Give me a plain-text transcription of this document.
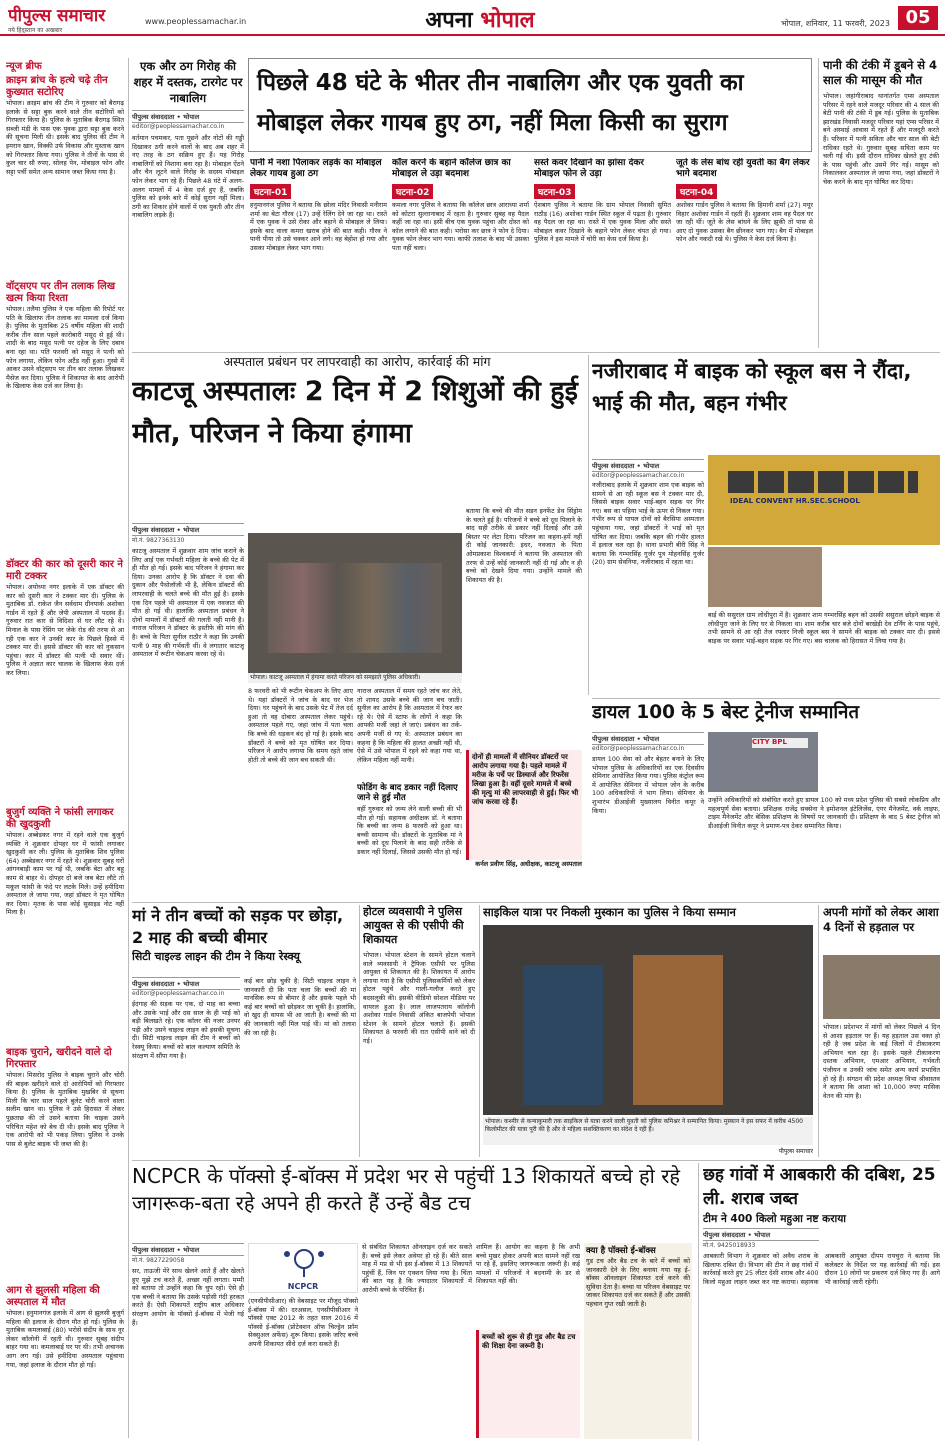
पीपुल्स समाचार
नये हिंदुस्तान का अखबार
www.peoplessamachar.in	अपना भोपाल	भोपाल, शनिवार, 11 फरवरी, 2023 05
न्यूज ब्रीफ
क्राइम ब्रांच के हत्थे चढ़े तीन कुख्यात सटोरिए
भोपाल। क्राइम ब्रांच की टीम ने गुरुवार को बैरागढ़ इलाके से सट्टा बुक करने वाले तीन सटोरियों को गिरफ्तार किया है। पुलिस के मुताबिक बैरागढ़ स्थित सब्जी मंडी के पास एक युवक द्वारा सट्टा बुक करने की सूचना मिली थी। इसके बाद पुलिस की टीम ने इमरान खान, विक्की उर्फ विकास और मुस्ताक खान को गिरफ्तार किया गया। पुलिस ने तीनों के पास से कुल चार सौ रुपए, सोलह पेन, मोबाइल फोन और सट्टा पर्ची समेत अन्य सामान जब्त किया गया है।
वॉट्सएप पर तीन तलाक लिख खत्म किया रिश्ता
भोपाल। तलैया पुलिस ने एक महिला की रिपोर्ट पर पति के खिलाफ तीन तलाक का मामला दर्ज किया है। पुलिस के मुताबिक 25 वर्षीय महिला की शादी करीब तीन साल पहले कारोबारी मसूद से हुई थी। शादी के बाद मसूद पत्नी पर दहेज के लिए दबाव बना रहा था। पति फरवरी को मसूद ने पत्नी को फोन लगाया, लेकिन फोन अटैंड नहीं हुआ। गुस्से में आकर उसने वॉट्सएप पर तीन बार तलाक लिखकर मैसेज कर दिया। पुलिस ने शिकायत के बाद आरोपी के खिलाफ केस दर्ज कर लिया है।
डॉक्टर की कार को दूसरी कार ने मारी टक्कर
भोपाल। अयोध्या नगर इलाके में एक डॉक्टर की कार को दूसरी कार ने टक्कर मार दी। पुलिस के मुताबिक डॉ. राकेश जैन सर्वधाम ग्रीनपार्क अशोका गार्डन में रहते हैं और जेपी अस्पताल में पदस्थ हैं। गुरुवार रात कार से विदिशा से घर लौट रहे थे। मिनाल के पास रेसिंग पर जेके रोड की तरफ से आ रही एक कार ने उनकी कार के पिछले हिस्से में टक्कर मार दी। इससे डॉक्टर की कार को नुकसान पहुंचा। कार में डॉक्टर की पत्नी भी सवार थीं। पुलिस ने अज्ञात कार चालक के खिलाफ केस दर्ज कर लिया।
बुजुर्ग व्यक्ति ने फांसी लगाकर की खुदकुशी
भोपाल। अब्बेडकर नगर में रहने वाले एक बुजुर्ग व्यक्ति ने शुक्रवार दोपहर घर में फांसी लगाकर खुदकुशी कर ली। पुलिस के मुताबिक शिव पुलिस (64) अब्बेडकर नगर में रहते थे। शुक्रवार सुबह घरों आंगनबाड़ी काम पर गई थी, जबकि बेटा और बहू काम से बाहर थे। दोपहर दो बजे जब बेटा लौटे तो मकूल फांसी के फंदे पर लटके मिले। उन्हें हमीदिया अस्पताल ले जाया गया, जहां डॉक्टर ने मृत घोषित कर दिया। मृतक के पास कोई सुसाइड नोट नहीं मिला है।
बाइक चुराने, खरीदने वाले दो गिरफ्तार
भोपाल। मिसरोद पुलिस ने बाइक चुराने और चोरी की बाइक खरीदने वाले दो आरोपियों को गिरफ्तार किया है। पुलिस के मुताबिक मुखबिर से सूचना मिली कि चार साल पहले बुलेट चोरी करने वाला सलीम खान था। पुलिस ने उसे हिरासत में लेकर पूछताछ की तो उसने बताया कि चाइक उसने परिचित महेश को बेच दी थी। इसके बाद पुलिस ने एक आरोपी को भी पकड़ लिया। पुलिस ने उनके पास से बुलेट बाइक भी जब्त की है।
आग से झुलसी महिला की अस्पताल में मौत
भोपाल। हनुमानगंज इलाके में आग से झुलसी बुजुर्ग महिला की इलाज के दौरान मौत हो गई। पुलिस के मुताबिक कमलाबाई (80) भरोसे संदीप के साथ नूर लेकर कॉलोनी में रहती थी। गुरुवार सुबह संदीप बाहर गया था। कमलाबाई घर पर थी। तभी अचानक आग लग गई। उसे हमीदिया अस्पताल पहुंचाया गया, जहां इलाज के दौरान मौत हो गई।
एक और ठग गिरोह की शहर में दस्तक, टारगेट पर नाबालिग
पीपुल्स संवाददाता • भोपाल
editor@peoplessamachar.co.in
वर्तमान पचमकर, पता पूछने और नोटों की गड्डी दिखाकर ठगी करने वालों के बाद अब शहर में नए तरह के ठग सक्रिय हुए हैं। यह गिरोह नाबालिगों को निशाना बना रहा है। मोबाइल ऐंठने और चैन लूटने वाले गिरोह के सदस्य मोबाइल फोन लेकर भाग रहे हैं। पिछले 48 घंटे में अलग-अलग मामलों में 4 केस दर्ज हुए हैं, जबकि पुलिस को इनके बारे में कोई सुराग नहीं मिला। ठगी का शिकार होने वालों में एक युवती और तीन नाबालिग लड़के हैं।
पिछले 48 घंटे के भीतर तीन नाबालिग और एक युवती का मोबाइल लेकर गायब हुए ठग, नहीं मिला किसी का सुराग
पानी में नशा पिलाकर लड़के का मोबाइल लेकर गायब हुआ ठग
घटना-01
हनुमानगंज पुलिस ने बताया कि छोला मंदिर निवासी मनीराम शर्मा का बेटा गौरव (17) उन्हें रेलिंग देने जा रहा था। रास्ते में एक युवक ने उसे रोका और बहाने से मोबाइल ले लिया। इसके बाद वाला कमरा खराब होने की बात कही। गौरव ने पानी पीया तो उसे चक्कर आने लगे। वह बेहोश हो गया और उसका मोबाइल लेकर भाग गया।
कॉल करने के बहाने कॉलेज छात्र का मोबाइल ले उड़ा बदमाश
घटना-02
कमला नगर पुलिस ने बताया कि कॉलेज छात्र आराध्या शर्मा को कोटरा सुल्तानाबाद में रहता है। गुरुवार सुबह वह पैदल कहीं जा रहा था। इसी बीच एक युवक पहुंचा और दोस्त को कॉल लगाने की बात कही। भरोसा कर छात्र ने फोन दे दिया। युवक फोन लेकर भाग गया। काफी तलाश के बाद भी उसका पता नहीं चला।
सस्ते कवर दिखाने का झांसा देकर मोबाइल फोन ले उड़ा
घटना-03
ऐशबाग पुलिस ने बताया कि ग्राम भोपाल निवासी सुमित राठौड़ (16) अशोका गार्डन स्थित स्कूल में पढ़ता है। गुरुवार वह पैदल जा रहा था। रास्ते में एक युवक मिला और सस्ते मोबाइल कवर दिखाने के बहाने फोन लेकर चंपत हो गया। पुलिस ने इस मामले में चोरी का केस दर्ज किया है।
जूते के लेस बांध रही युवती का बैग लेकर भागे बदमाश
घटना-04
अशोका गार्डन पुलिस ने बताया कि हिमानी शर्मा (27) मयूर विहार अशोका गार्डन में रहती हैं। शुक्रवार शाम वह पैदल घर जा रही थीं। जूते के लेस बांधने के लिए झुकी तो पास से आए दो युवक उसका बैग छीनकर भाग गए। बैग में मोबाइल फोन और नकदी रखे थे। पुलिस ने केस दर्ज किया है।
पानी की टंकी में डूबने से 4 साल की मासूम की मौत
भोपाल। जहांगीराबाद थानांतर्गत एम्स अस्पताल परिसर में रहने वाले मजदूर परिवार की 4 साल की बेटी पानी की टंकी में डूब गई। पुलिस के मुताबिक झारखंड निवासी मजदूर परिवार यहां एम्स परिसर में बने अस्थाई आवास में रहते हैं और मजदूरी करते हैं। परिवार में पत्नी सविता और चार साल की बेटी राधिका रहते थे। गुरुवार सुबह सविता काम पर चली गई थी। इसी दौरान राधिका खेलते हुए टंकी के पास पहुंची और उसमें गिर गई। मासूम को निकालकर अस्पताल ले जाया गया, जहां डॉक्टरों ने चेक करने के बाद मृत घोषित कर दिया।
अस्पताल प्रबंधन पर लापरवाही का आरोप, कार्रवाई की मांग
काटजू अस्पतालः 2 दिन में 2 शिशुओं की हुई मौत, परिजन ने किया हंगामा
पीपुल्स संवाददाता • भोपाल
मो.नं. 9827363130
काटजू अस्पताल में शुक्रवार शाम जांच कराने के लिए आई एक गर्भवती महिला के बच्चे की पेट में ही मौत हो गई। इसके बाद परिजन ने हंगामा कर दिया। उनका आरोप है कि डॉक्टर ने दवा की दुकान और पैथोलॉजी भी है, लेकिन डॉक्टरों की लापरवाही के चलते बच्चे की मौत हुई है। इसके एक दिन पहले भी अस्पताल में एक नवजात की मौत हो गई थी। हालांकि अस्पताल प्रबंधन ने दोनों मामलों में डॉक्टरों की गलती नहीं मानी है। नाराज परिजन ने डॉक्टर के इस्तीफे की मांग की है। बच्चे के पिता सुनील राठौर ने कहा कि उनकी पत्नी 9 माह की गर्भवती थीं। वे लगातार काटजू अस्पताल में रूटीन चेकअप करवा रहे थे।
भोपाल। काटजू अस्पताल में हंगामा करते परिजन को समझाते पुलिस अधिकारी।
8 फरवरी को भी रूटीन चेकअप के लिए आए थे। यहां डॉक्टरों ने जांच के बाद घर भेज दिया। घर पहुंचने के बाद उसके पेट में तेज दर्द हुआ तो वह दोबारा अस्पताल लेकर पहुंचे। अस्पताल पहले गए, जहां जांच में पता चला कि बच्चे की धड़कन बंद हो गई है। इसके बाद डॉक्टरों ने बच्चे को मृत घोषित कर दिया। परिजन ने आरोप लगाया कि समय रहते जांच होती तो बच्चे की जान बच सकती थी।
नाराज अस्पताल में समय रहते जांच कर लेते, तो शायद उसके बच्चे की जान बच जाती। सुनील का आरोप है कि अस्पताल में रेफर कर रहे थे। ऐसे में स्टाफ के लोगों ने कहा कि आपकी मर्जी जहां ले जाएं। प्रबंधन का तर्क- अपनी मर्जी से गए थे: अस्पताल प्रबंधन का कहना है कि महिला की हालत अच्छी नहीं थी, ऐसे में उसे भोपाल में रहने को कहा गया था, लेकिन महिला नहीं मानी।
फोडिंग के बाद डकार नहीं दिलाए जाने से हुई मौत
वहीं गुरुवार को जन्म लेने वाली बच्ची की भी मौत हो गई। सहायक अधीक्षक डॉ. ने बताया कि बच्ची का जन्म 8 फरवरी को हुआ था। बच्ची सामान्य थी। डॉक्टरों के मुताबिक मां ने बच्ची को दूध पिलाने के बाद सही तरीके से डकार नहीं दिलाई, जिससे उसकी मौत हो गई।
बताया कि बच्चे की मौत सडन इनफेंट डेथ सिंड्रोम के चलते हुई है। परिजनों ने बच्चे को दूध पिलाने के बाद सही तरीके से डकार नहीं दिलाई और उसे बिस्तर पर लेटा दिया। परिजन का कहना-हमें नहीं दी कोई जानकारी: इधर, नवजात के पिता ओमप्रकाश विश्वकर्मा ने बताया कि अस्पताल की तरफ से उन्हें कोई जानकारी नहीं दी गई और न ही बच्चे को देखने दिया गया। उन्होंने मामले की शिकायत की है।
दोनों ही मामलों में सीनियर डॉक्टरों पर आरोप लगाया गया है। पहले मामले में मरीज के पर्चे पर डिस्चार्ज और रिफरेंस लिखा हुआ है। वहीं दूसरे मामले में बच्चे की मृत्यु मां की लापरवाही से हुई। फिर भी जांच करवा रहे हैं।
कर्नल प्रवीण सिंह, अधीक्षक, काटजू अस्पताल
नजीराबाद में बाइक को स्कूल बस ने रौंदा, भाई की मौत, बहन गंभीर
पीपुल्स संवाददाता • भोपाल
editor@peoplessamachar.co.in
नजीराबाद इलाके में शुक्रवार शाम एक बाइक को सामने से आ रही स्कूल बस ने टक्कर मार दी, जिससे बाइक सवार भाई-बहन सड़क पर गिर गए। बस का पहिया भाई के ऊपर से निकल गया। गंभीर रूप से घायल दोनों को बैरसिया अस्पताल पहुंचाया गया, जहां डॉक्टरों ने भाई को मृत घोषित कर दिया। जबकि बहन की गंभीर हालत में इलाज चल रहा है। थाना प्रभारी बीरी सिंह ने बताया कि गम्भरसिंह गुर्जर पुत्र मोहनसिंह गुर्जर (20) ग्राम सेवनिया, नजीराबाद में रहता था।
IDEAL CONVENT HR.SEC.SCHOOL
बाई की ससुराल ग्राम लोधीपुरा में है। शुक्रवार शाम गम्भरसिंह बहन को उसकी ससुराल छोड़ने बाइक से लोधीपुरा जाने के लिए घर से निकला था। शाम करीब चार बजे दोनों बरखेड़ी देव टर्निंग के पास पहुंचे, तभी सामने से आ रही तेज रफ्तार निजी स्कूल बस ने सामने की बाइक को टक्कर मार दी। इससे बाइक पर सवार भाई-बहन सड़क पर गिर गए। बस चालक को हिरासत में लिया गया है।
डायल 100 के 5 बेस्ट ट्रेनीज सम्मानित
पीपुल्स संवाददाता • भोपाल
editor@peoplessamachar.co.in
डायल 100 सेवा को और बेहतर बनाने के लिए भोपाल पुलिस के अधिकारियों का एक दिवसीय सेमिनार आयोजित किया गया। पुलिस कंट्रोल रूम में आयोजित सेमिनार में भोपाल जोन के करीब 100 अधिकारियों ने भाग लिया। सेमिनार के शुभारंभ डीआईजी मुख्यालय विनीत कपूर ने किया।
CITY BPL
उन्होंने अधिकारियों को संबोधित करते हुए डायल 100 को मध्य प्रदेश पुलिस की सबसे लोकप्रिय और महत्वपूर्ण सेवा बताया। प्रशिक्षक राजेंद्र सक्सेना ने इमोशनल इंटेलिजेंस, एंगर मैनेजमेंट, वर्क लाइफ, टाइम मैनेजमेंट और बेसिक प्रशिक्षण के विषयों पर जानकारी दी। प्रशिक्षण के बाद 5 बेस्ट ट्रेनीज को डीआईजी विनीत कपूर ने प्रमाण-पत्र देकर सम्मानित किया।
मां ने तीन बच्चों को सड़क पर छोड़ा, 2 माह की बच्ची बीमार
सिटी चाइल्ड लाइन की टीम ने किया रेस्क्यू
पीपुल्स संवाददाता • भोपाल
editor@peoplessamachar.co.in
ईदगाह की सड़क पर एक, दो माह का बच्चा और उसके भाई और दस साल के ही भाई को बड़ी बिलखते रहे। एक कॉलर की नजर उनपर पड़ी और उसने चाइल्ड लाइन को इसकी सूचना दी। सिटी चाइल्ड लाइन की टीम ने बच्चों को रेस्क्यू किया। बच्चों को बाल कल्याण समिति के संरक्षण में सौंपा गया है।
कई बार छोड़ चुकी है: सिटी चाइल्ड लाइन ने जानकारी दी कि पता चला कि बच्चों की मां मानसिक रूप से बीमार है और इसके पहले भी कई बार बच्चों को छोड़कर जा चुकी है। हालांकि, वो खुद ही वापस भी आ जाती है। बच्चों की मां की जानकारी नहीं मिल पाई थी। मां को तलाश की जा रही है।
होटल व्यवसायी ने पुलिस आयुक्त से की एसीपी की शिकायत
भोपाल। भोपाल स्टेशन के सामने होटल चलाने वाले व्यवसायी ने ट्रैफिक एसीपी पर पुलिस आयुक्त से शिकायत की है। शिकायत में आरोप लगाया गया है कि एसीपी पुलिसकर्मियों को लेकर होटल पहुंचे और गाली-गलौज करते हुए बदसलूकी की। इसकी वीडियो सोशल मीडिया पर वायरल हुआ है। लाल लाजपतराय कॉलोनी अशोका गार्डन निवासी अंकित बाजपेयी भोपाल स्टेशन के सामने होटल चलाते हैं। इसकी शिकायत 8 फरवरी की रात एसीपी थाने को दी गई।
साइकिल यात्रा पर निकली मुस्कान का पुलिस ने किया सम्मान
भोपाल। कश्मीर से कन्याकुमारी तक साइकिल से यात्रा करने वाली युवती को पुलिस कमिश्नर ने सम्मानित किया। मुस्कान ने इस सफर में करीब 4500 किलोमीटर की यात्रा पूरी की है और वे महिला सशक्तिकरण का संदेश दे रही हैं।
पीपुल्स समाचार
अपनी मांगों को लेकर आशा 4 दिनों से हड़ताल पर
भोपाल। प्रदेशभर में मांगों को लेकर पिछले 4 दिन से आशा हड़ताल पर हैं। यह हड़ताल उस वक्त हो रही है जब प्रदेश के कई जिलों में टीकाकरण अभियान चल रहा है। इसके पहले टीकाकरण दस्तक अभियान, एमआर अभियान, गर्भवती पंजीयन व उनकी जांच समेत अन्य कार्य प्रभावित हो रहे हैं। संगठन की प्रदेश अध्यक्ष विभा श्रीवास्तव ने बताया कि आशा को 10,000 रुपए मासिक वेतन की मांग है।
NCPCR के पॉक्सो ई-बॉक्स में प्रदेश भर से पहुंचीं 13 शिकायतें बच्चे हो रहे जागरूक-बता रहे अपने ही करते हैं उन्हें बैड टच
पीपुल्स संवाददाता • भोपाल
मो.नं. 9827229058
सर, ताऊजी मेरे साथ खेलने आते हैं और खेलते हुए मुझे टच करते हैं, अच्छा नहीं लगता। मम्मी को बताया तो उन्होंने कहा कि चुप रहो। ऐसे ही एक बच्ची ने बताया कि उसके पड़ोसी गंदी हरकत करते हैं। ऐसी शिकायतें राष्ट्रीय बाल अधिकार संरक्षण आयोग के पॉक्सो ई-बॉक्स में भेजी गई हैं।
NCPCR
(एनसीपीसीआर) की वेबसाइट पर मौजूद पॉक्सो ई-बॉक्स में की। दरअसल, एनसीपीसीआर ने पॉक्सो एक्ट 2012 के तहत साल 2016 में पॉक्सो ई-बॉक्स (प्रोटेक्शन ऑफ चिल्ड्रेन फ्रॉम सेक्सुअल अफेंस) शुरू किया। इसके जरिए बच्चे अपनी शिकायत सीधे दर्ज करा सकते हैं।
से संबंधित शिकायत ऑनलाइन दर्ज कर सकते हैं। बच्चे इसे लेकर अवेयर हो रहे हैं। बीते साल माह में मप्र से भी इस ई-बॉक्स में 13 शिकायतें पहुंचीं हैं, जिन पर एक्शन लिया गया है। चिंता की बात यह है कि ज्यादातर शिकायतों में आरोपी बच्चे के परिचित हैं।
शामिल हैं। आयोग का कहना है कि अभी बच्चे मुखर होकर अपनी बात सामने नहीं रख पा रहे हैं, इसलिए जागरूकता जरूरी है। कई मामलों में परिजनों ने बदनामी के डर से शिकायत नहीं की।
बच्चों को शुरू से ही गुड और बैड टच की शिक्षा देना जरूरी है।
क्या है पॉक्सो ई-बॉक्स
गुड टच और बैड टच के बारे में बच्चों को जानकारी देने के लिए बनाया गया यह ई-बॉक्स ऑनलाइन शिकायत दर्ज करने की सुविधा देता है। बच्चा या परिजन वेबसाइट पर जाकर शिकायत दर्ज कर सकते हैं और उसकी पहचान गुप्त रखी जाती है।
छह गांवों में आबकारी की दबिश, 25 ली. शराब जब्त
टीम ने 400 किलो महुआ नष्ट कराया
पीपुल्स संवाददाता • भोपाल
मो.नं. 9425018933
आबकारी विभाग ने शुक्रवार को अवैध शराब के खिलाफ दबिश दी। विभाग की टीम ने छह गांवों में कार्रवाई करते हुए 25 लीटर देशी शराब और 400 किलो महुआ लाहन जब्त कर नष्ट कराया। सहायक आबकारी आयुक्त दीपम रायचुरा ने बताया कि कलेक्टर के निर्देश पर यह कार्रवाई की गई। इस दौरान 10 लोगों पर प्रकरण दर्ज किए गए हैं। आगे भी कार्रवाई जारी रहेगी।
